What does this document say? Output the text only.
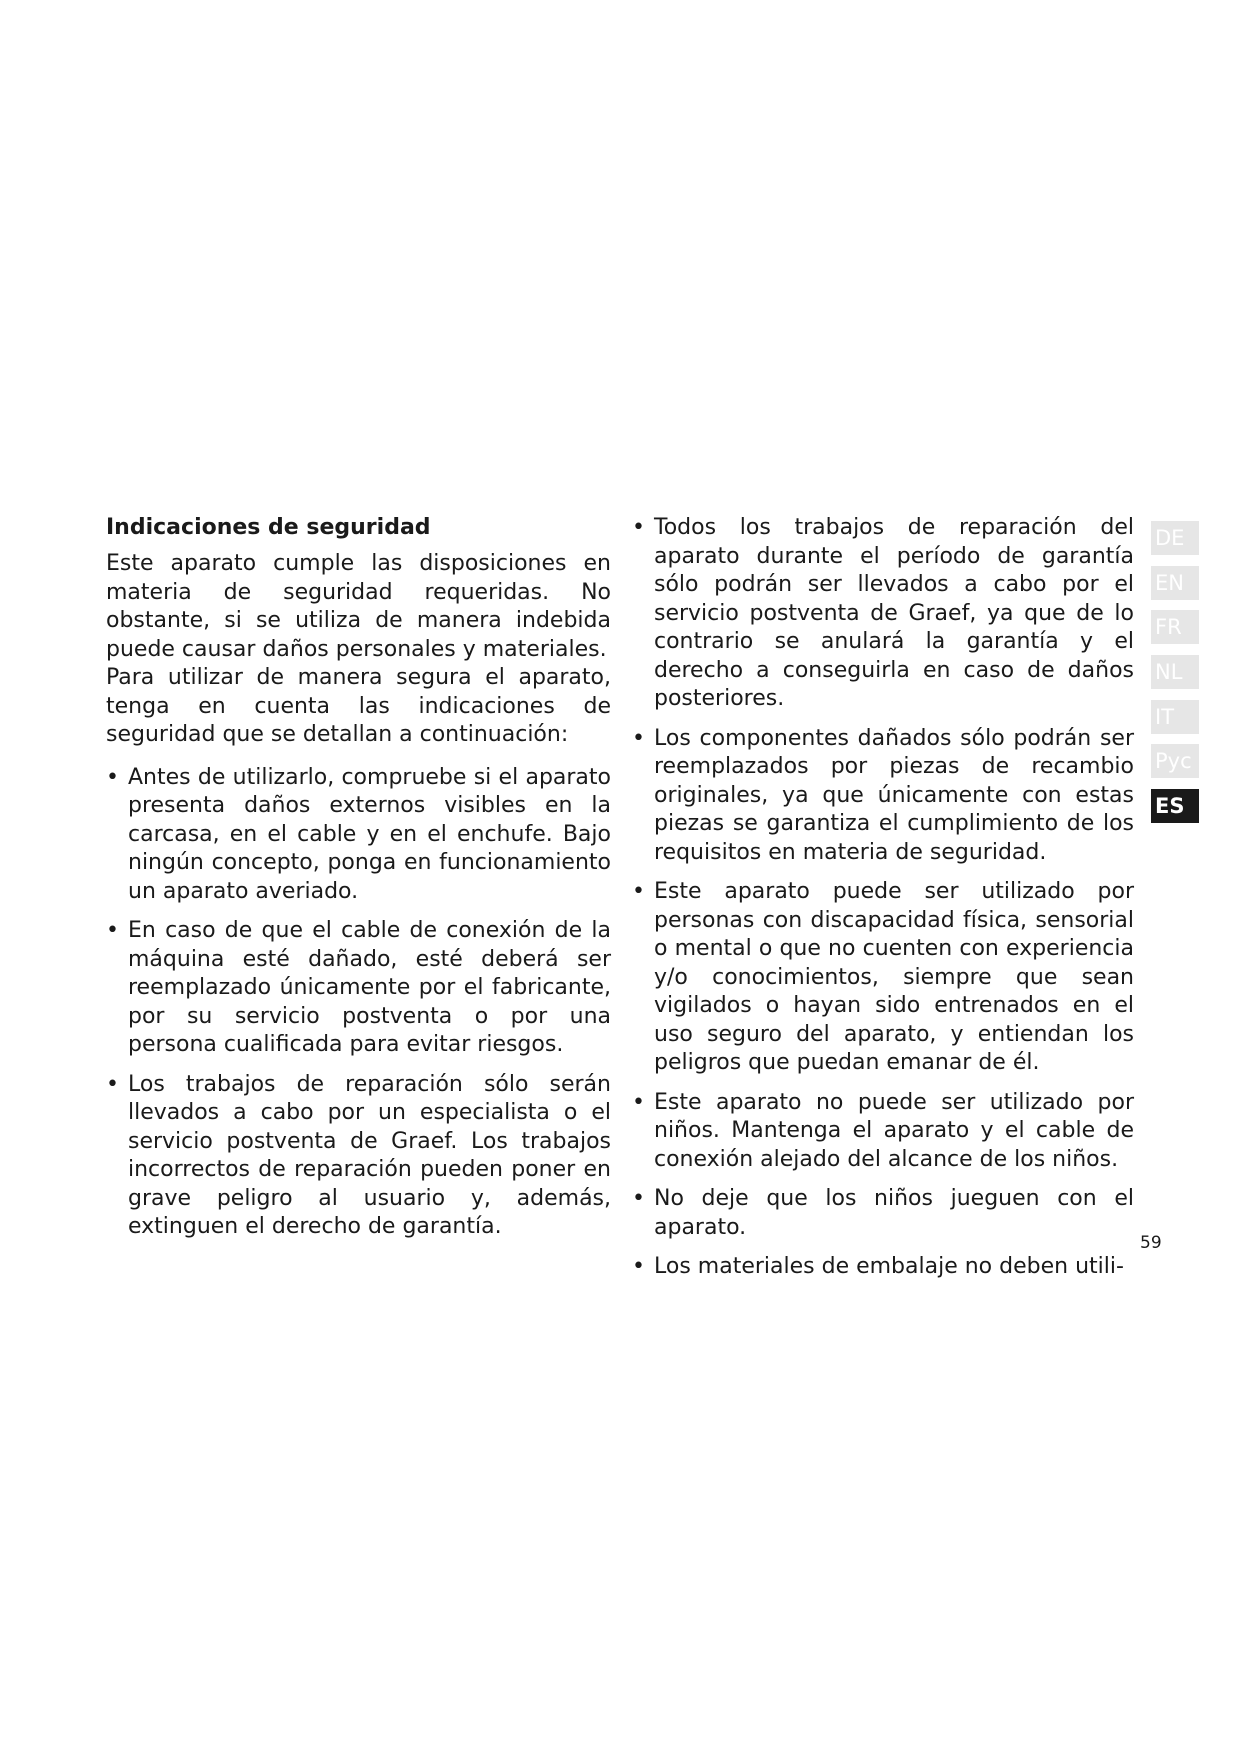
Indicaciones de seguridad

Este aparato cumple las disposiciones en materia de seguridad requeridas. No obstante, si se utiliza de manera indebida puede causar daños personales y materiales.

Para utilizar de manera segura el aparato, tenga en cuenta las indicaciones de seguridad que se detallan a continuación:

• Antes de utilizarlo, compruebe si el aparato presenta daños externos visibles en la carcasa, en el cable y en el enchufe. Bajo ningún concepto, ponga en funcionamiento un aparato averiado.
• En caso de que el cable de conexión de la máquina esté dañado, esté deberá ser reemplazado únicamente por el fabricante, por su servicio postventa o por una persona cualificada para evitar riesgos.
• Los trabajos de reparación sólo serán llevados a cabo por un especialista o el servicio postventa de Graef. Los trabajos incorrectos de reparación pueden poner en grave peligro al usuario y, además, extinguen el derecho de garantía.
• Todos los trabajos de reparación del aparato durante el período de garantía sólo podrán ser llevados a cabo por el servicio postventa de Graef, ya que de lo contrario se anulará la garantía y el derecho a conseguirla en caso de daños posteriores.
• Los componentes dañados sólo podrán ser reemplazados por piezas de recambio originales, ya que únicamente con estas piezas se garantiza el cumplimiento de los requisitos en materia de seguridad.
• Este aparato puede ser utilizado por personas con discapacidad física, sensorial o mental o que no cuenten con experiencia y/o conocimientos, siempre que sean vigilados o hayan sido entrenados en el uso seguro del aparato, y entiendan los peligros que puedan emanar de él.
• Este aparato no puede ser utilizado por niños. Mantenga el aparato y el cable de conexión alejado del alcance de los niños.
• No deje que los niños jueguen con el aparato.
• Los materiales de embalaje no deben utili-
DE
EN
FR
NL
IT
Рус
ES
59
